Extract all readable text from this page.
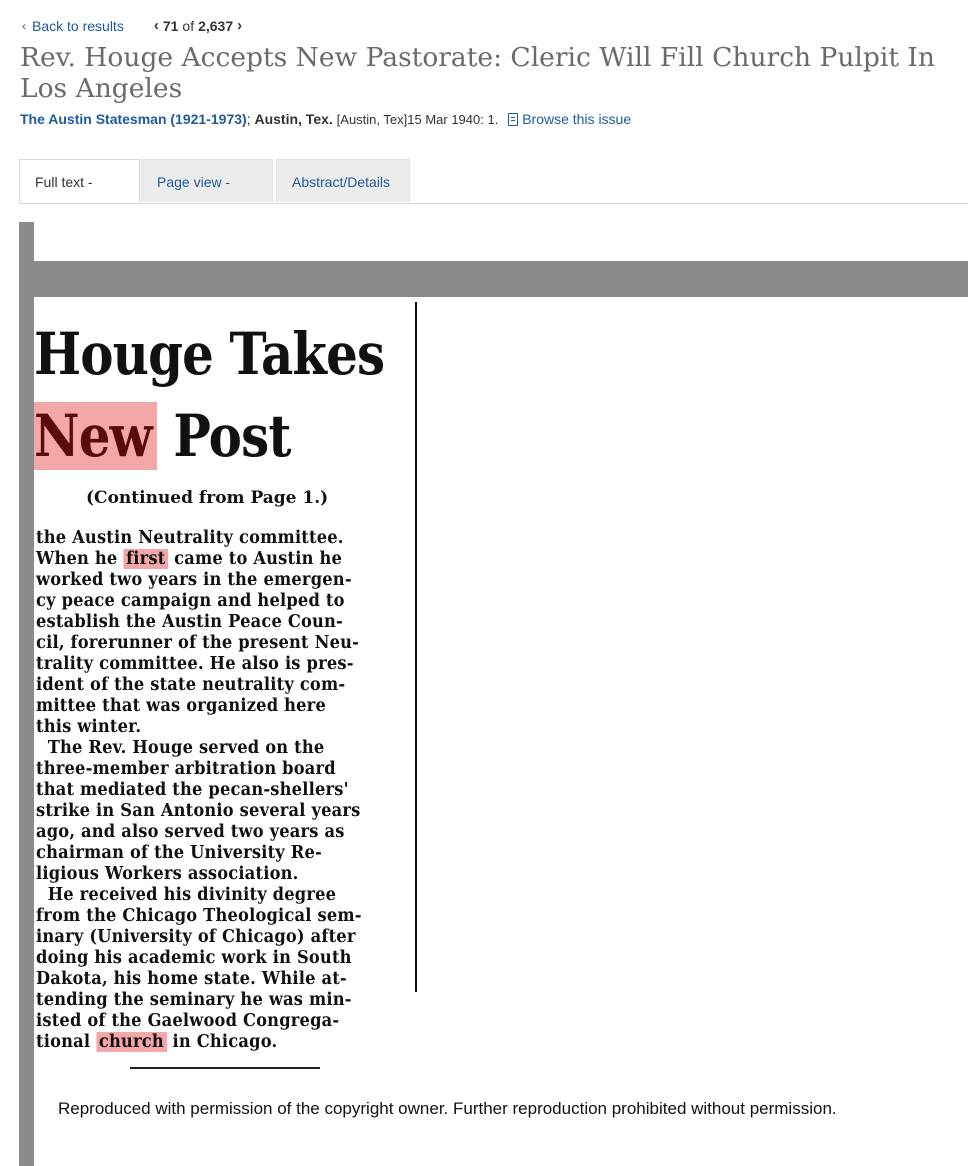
‹ Back to results ‹ 71 of 2,637 ›
Rev. Houge Accepts New Pastorate: Cleric Will Fill Church Pulpit In Los Angeles
The Austin Statesman (1921-1973); Austin, Tex. [Austin, Tex]15 Mar 1940: 1. Browse this issue
Full text -	Page view -	Abstract/Details
Houge Takes
New Post
(Continued from Page 1.)
the Austin Neutrality committee.
When he first came to Austin he
worked two years in the emergen-
cy peace campaign and helped to
establish the Austin Peace Coun-
cil, forerunner of the present Neu-
trality committee. He also is pres-
ident of the state neutrality com-
mittee that was organized here
this winter.
The Rev. Houge served on the
three-member arbitration board
that mediated the pecan-shellers'
strike in San Antonio several years
ago, and also served two years as
chairman of the University Re-
ligious Workers association.
He received his divinity degree
from the Chicago Theological sem-
inary (University of Chicago) after
doing his academic work in South
Dakota, his home state. While at-
tending the seminary he was min-
isted of the Gaelwood Congrega-
tional church in Chicago.
Reproduced with permission of the copyright owner. Further reproduction prohibited without permission.
